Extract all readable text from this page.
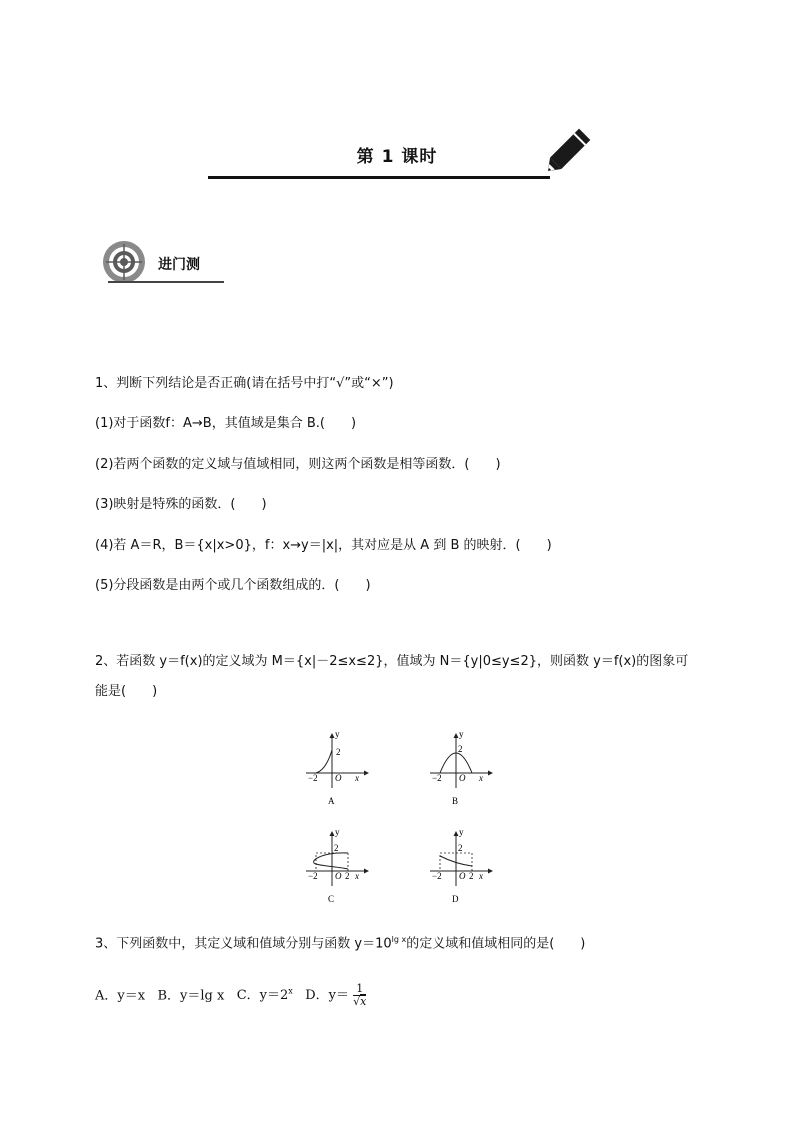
第 1 课时
进门测
1、判断下列结论是否正确(请在括号中打“√”或“×”)
(1)对于函数f：A→B，其值域是集合 B.(　　)
(2)若两个函数的定义域与值域相同，则这两个函数是相等函数．(　　)
(3)映射是特殊的函数．(　　)
(4)若 A＝R，B＝{x|x>0}，f：x→y＝|x|，其对应是从 A 到 B 的映射．(　　)
(5)分段函数是由两个或几个函数组成的．(　　)
2、若函数 y＝f(x)的定义域为 M＝{x|－2≤x≤2}，值域为 N＝{y|0≤y≤2}，则函数 y＝f(x)的图象可
能是(　　)
y
2
−2 O x
A
y
2
−2 O x
B
y
2
−2 O 2 x
C
y
2
−2 O 2 x
D
3、下列函数中，其定义域和值域分别与函数 $y=10^{lg x}$的定义域和值域相同的是(　　)
A．y＝x B．y＝lg x C．$y=2^x$ D．$y= \frac{1}{√x}$
